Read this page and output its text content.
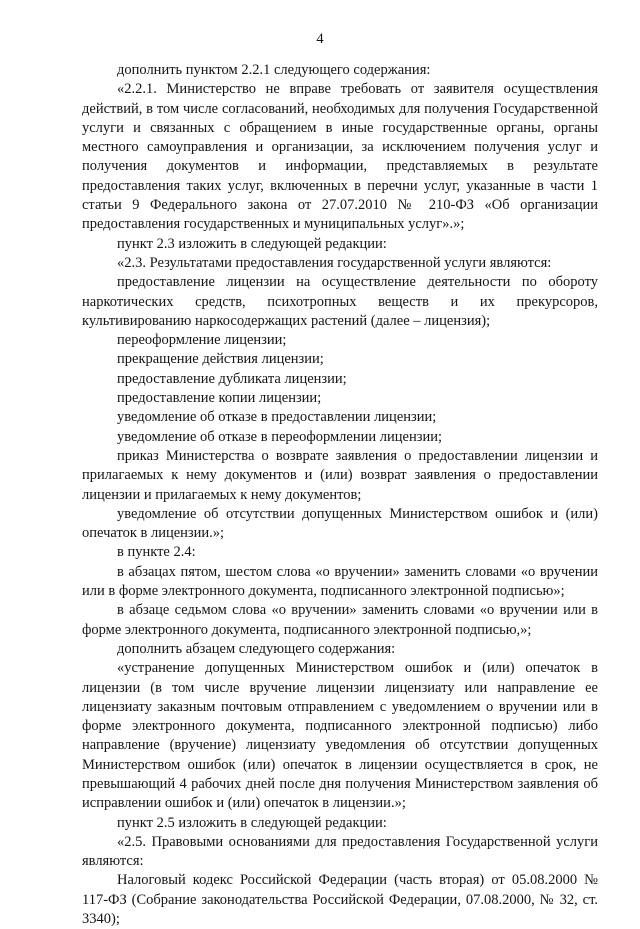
4

дополнить пунктом 2.2.1 следующего содержания:

«2.2.1. Министерство не вправе требовать от заявителя осуществления действий, в том числе согласований, необходимых для получения Государственной услуги и связанных с обращением в иные государственные органы, органы местного самоуправления и организации, за исключением получения услуг и получения документов и информации, представляемых в результате предоставления таких услуг, включенных в перечни услуг, указанные в части 1 статьи 9 Федерального закона от 27.07.2010 № 210-ФЗ «Об организации предоставления государственных и муниципальных услуг».»;

пункт 2.3 изложить в следующей редакции:

«2.3. Результатами предоставления государственной услуги являются:

предоставление лицензии на осуществление деятельности по обороту наркотических средств, психотропных веществ и их прекурсоров, культивированию наркосодержащих растений (далее – лицензия);

переоформление лицензии;

прекращение действия лицензии;

предоставление дубликата лицензии;

предоставление копии лицензии;

уведомление об отказе в предоставлении лицензии;

уведомление об отказе в переоформлении лицензии;

приказ Министерства о возврате заявления о предоставлении лицензии и прилагаемых к нему документов и (или) возврат заявления о предоставлении лицензии и прилагаемых к нему документов;

уведомление об отсутствии допущенных Министерством ошибок и (или) опечаток в лицензии.»;

в пункте 2.4:

в абзацах пятом, шестом слова «о вручении» заменить словами «о вручении или в форме электронного документа, подписанного электронной подписью»;

в абзаце седьмом слова «о вручении» заменить словами «о вручении или в форме электронного документа, подписанного электронной подписью,»;

дополнить абзацем следующего содержания:

«устранение допущенных Министерством ошибок и (или) опечаток в лицензии (в том числе вручение лицензии лицензиату или направление ее лицензиату заказным почтовым отправлением с уведомлением о вручении или в форме электронного документа, подписанного электронной подписью) либо направление (вручение) лицензиату уведомления об отсутствии допущенных Министерством ошибок (или) опечаток в лицензии осуществляется в срок, не превышающий 4 рабочих дней после дня получения Министерством заявления об исправлении ошибок и (или) опечаток в лицензии.»;

пункт 2.5 изложить в следующей редакции:

«2.5. Правовыми основаниями для предоставления Государственной услуги являются:

Налоговый кодекс Российской Федерации (часть вторая) от 05.08.2000 № 117-ФЗ (Собрание законодательства Российской Федерации, 07.08.2000, № 32, ст. 3340);
